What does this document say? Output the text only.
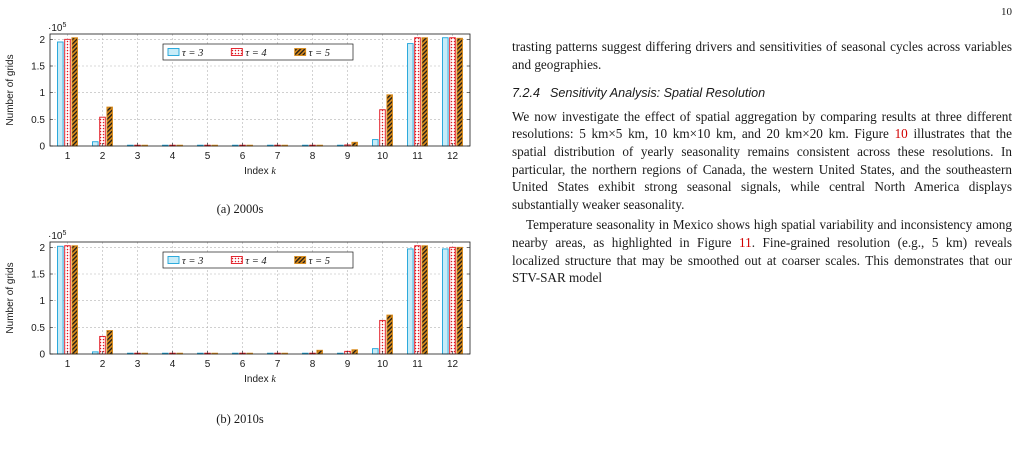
10
0
0.5
1
1.5
2
1	2	3	4	5	6	7	8	9	10 11 12
$\cdot 10^5$
Number of grids
Index k
τ = 3	τ = 4	τ = 5
(a) 2000s
0
0.5
1
1.5
2
1	2	3	4	5	6	7	8	9	10 11 12
$\cdot 10^5$
Number of grids
Index k
τ = 3	τ = 4	τ = 5
(b) 2010s

trasting patterns suggest differing drivers and sensitivities of seasonal cycles across variables and geographies.

7.2.4 Sensitivity Analysis: Spatial Resolution

We now investigate the effect of spatial aggregation by comparing results at three different resolutions: 5 km×5 km, 10 km×10 km, and 20 km×20 km. Figure 10 illustrates that the spatial distribution of yearly seasonality remains consistent across these resolutions. In particular, the northern regions of Canada, the western United States, and the southeastern United States exhibit strong seasonal signals, while central North America displays substantially weaker seasonality.

Temperature seasonality in Mexico shows high spatial variability and inconsistency among nearby areas, as highlighted in Figure 11. Fine-grained resolution (e.g., 5 km) reveals localized structure that may be smoothed out at coarser scales. This demonstrates that our STV-SAR model
